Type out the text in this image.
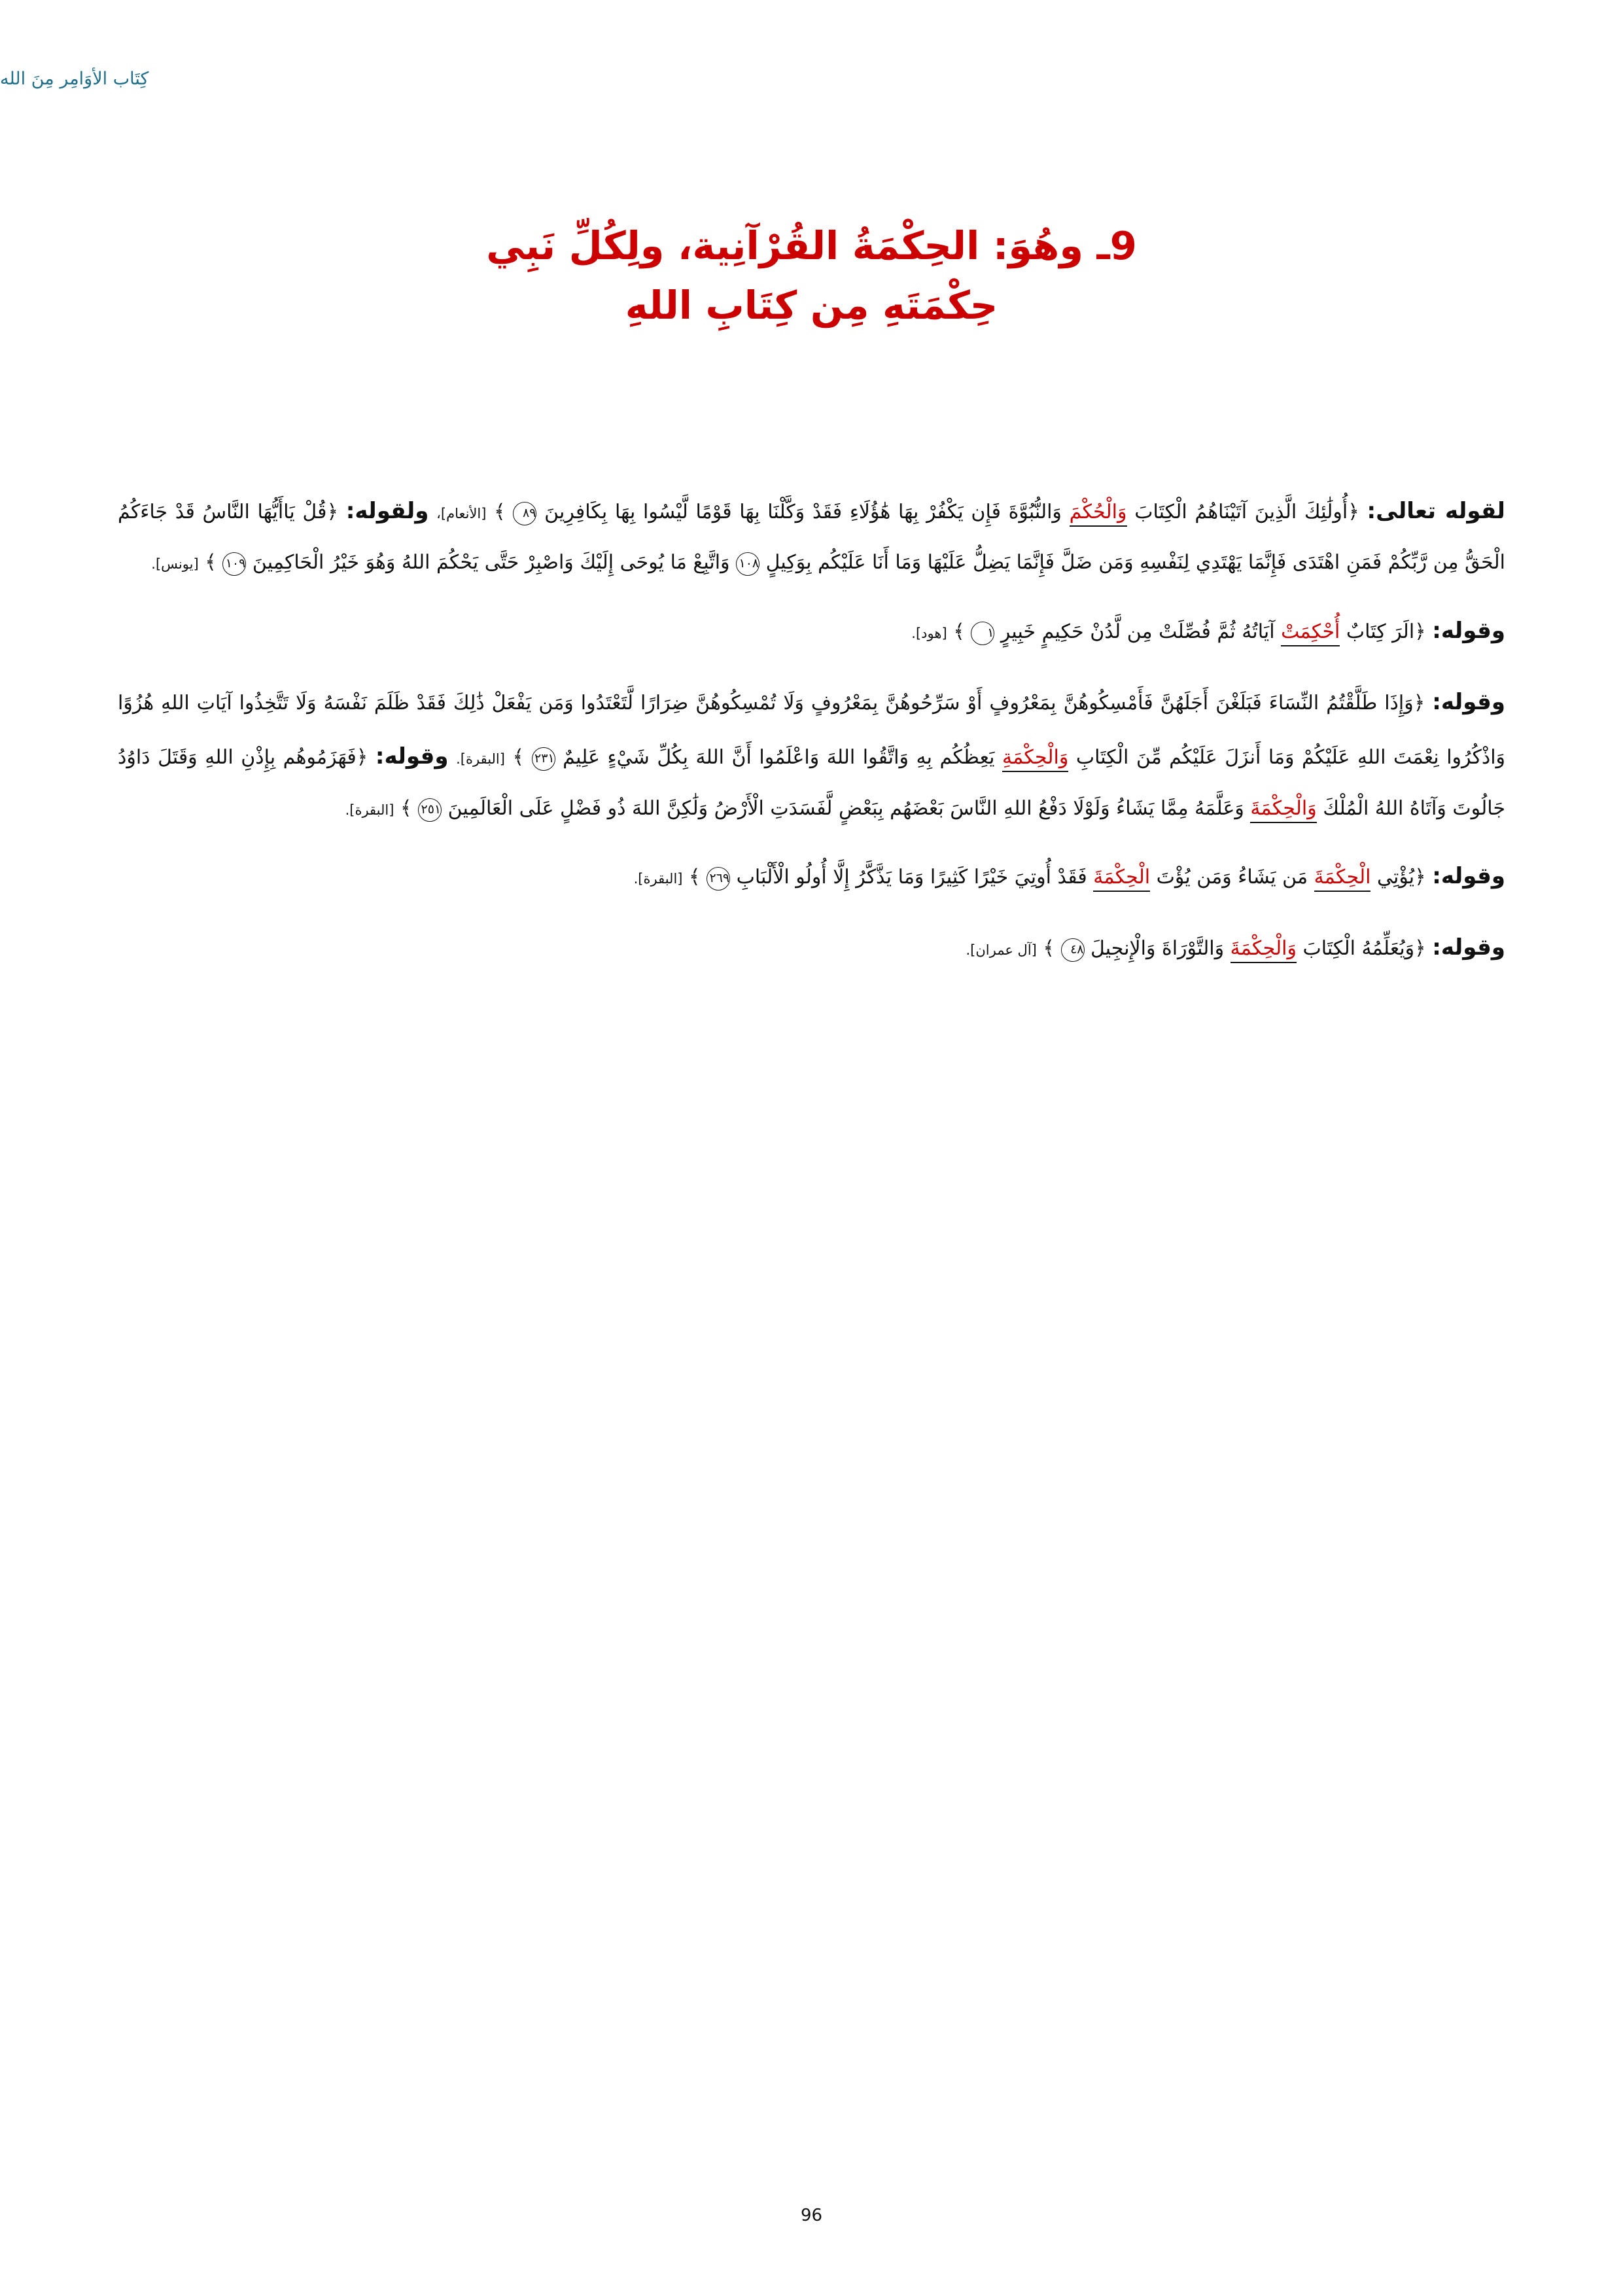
كِتَاب الأوَامِر مِنَ الله
9ـ وهُوَ: الحِكْمَةُ القُرْآنِية، ولِكُلِّ نَبِي
حِكْمَتَهِ مِن كِتَابِ اللهِ
لقوله تعالى: ﴿أُولَٰئِكَ الَّذِينَ آتَيْنَاهُمُ الْكِتَابَ وَالْحُكْمَ وَالنُّبُوَّةَ فَإِن يَكْفُرْ بِهَا هَٰؤُلَاءِ فَقَدْ وَكَّلْنَا بِهَا قَوْمًا لَّيْسُوا بِهَا بِكَافِرِينَ ٨٩ ﴾ [الأنعام]، ولقوله: ﴿قُلْ يَاأَيُّهَا النَّاسُ قَدْ جَاءَكُمُ الْحَقُّ مِن رَّبِّكُمْ فَمَنِ اهْتَدَى فَإِنَّمَا يَهْتَدِي لِنَفْسِهِ وَمَن ضَلَّ فَإِنَّمَا يَضِلُّ عَلَيْهَا وَمَا أَنَا عَلَيْكُم بِوَكِيلٍ ١٠٨ وَاتَّبِعْ مَا يُوحَى إِلَيْكَ وَاصْبِرْ حَتَّى يَحْكُمَ اللهُ وَهُوَ خَيْرُ الْحَاكِمِينَ ١٠٩ ﴾ [يونس].
وقوله: ﴿الَرَ كِتَابٌ أُحْكِمَتْ آيَاتُهُ ثُمَّ فُصِّلَتْ مِن لَّدُنْ حَكِيمٍ خَبِيرٍ ١ ﴾ [هود].
وقوله: ﴿وَإِذَا طَلَّقْتُمُ النِّسَاءَ فَبَلَغْنَ أَجَلَهُنَّ فَأَمْسِكُوهُنَّ بِمَعْرُوفٍ أَوْ سَرِّحُوهُنَّ بِمَعْرُوفٍ وَلَا تُمْسِكُوهُنَّ ضِرَارًا لَّتَعْتَدُوا وَمَن يَفْعَلْ ذَٰلِكَ فَقَدْ ظَلَمَ نَفْسَهُ وَلَا تَتَّخِذُوا آيَاتِ اللهِ هُزُوًا وَاذْكُرُوا نِعْمَتَ اللهِ عَلَيْكُمْ وَمَا أَنزَلَ عَلَيْكُم مِّنَ الْكِتَابِ وَالْحِكْمَةِ يَعِظُكُم بِهِ وَاتَّقُوا اللهَ وَاعْلَمُوا أَنَّ اللهَ بِكُلِّ شَيْءٍ عَلِيمٌ ٢٣١ ﴾ [البقرة]. وقوله: ﴿فَهَزَمُوهُم بِإِذْنِ اللهِ وَقَتَلَ دَاوُدُ جَالُوتَ وَآتَاهُ اللهُ الْمُلْكَ وَالْحِكْمَةَ وَعَلَّمَهُ مِمَّا يَشَاءُ وَلَوْلَا دَفْعُ اللهِ النَّاسَ بَعْضَهُم بِبَعْضٍ لَّفَسَدَتِ الْأَرْضُ وَلَٰكِنَّ اللهَ ذُو فَضْلٍ عَلَى الْعَالَمِينَ ٢٥١ ﴾ [البقرة].
وقوله: ﴿يُؤْتِي الْحِكْمَةَ مَن يَشَاءُ وَمَن يُؤْتَ الْحِكْمَةَ فَقَدْ أُوتِيَ خَيْرًا كَثِيرًا وَمَا يَذَّكَّرُ إِلَّا أُولُو الْأَلْبَابِ ٢٦٩ ﴾ [البقرة].
وقوله: ﴿وَيُعَلِّمُهُ الْكِتَابَ وَالْحِكْمَةَ وَالتَّوْرَاةَ وَالْإِنجِيلَ ٤٨ ﴾ [آل عمران].
96
